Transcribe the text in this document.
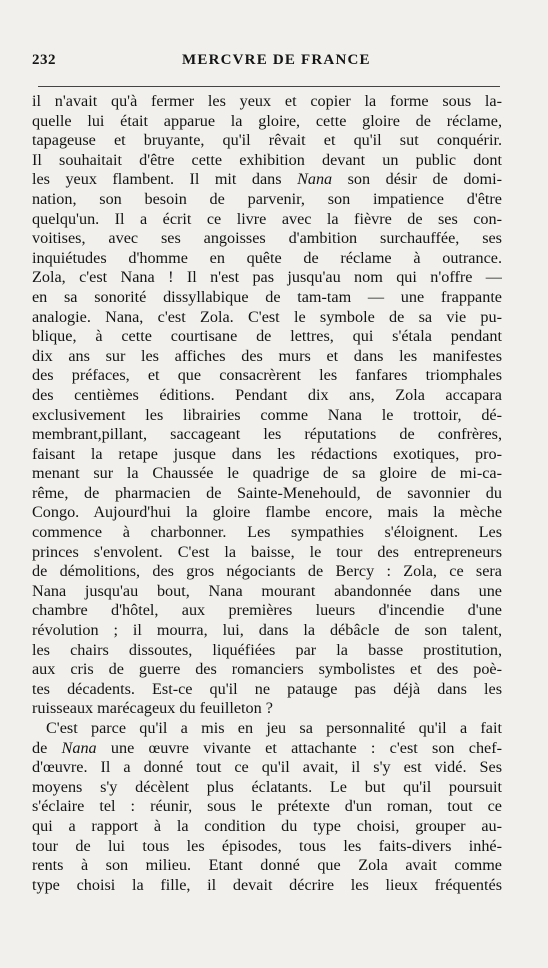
232	MERCVRE DE FRANCE
il n'avait qu'à fermer les yeux et copier la forme sous la-
quelle lui était apparue la gloire, cette gloire de réclame,
tapageuse et bruyante, qu'il rêvait et qu'il sut conquérir.
Il souhaitait d'être cette exhibition devant un public dont
les yeux flambent. Il mit dans Nana son désir de domi-
nation, son besoin de parvenir, son impatience d'être
quelqu'un. Il a écrit ce livre avec la fièvre de ses con-
voitises, avec ses angoisses d'ambition surchauffée, ses
inquiétudes d'homme en quête de réclame à outrance.
Zola, c'est Nana ! Il n'est pas jusqu'au nom qui n'offre —
en sa sonorité dissyllabique de tam-tam — une frappante
analogie. Nana, c'est Zola. C'est le symbole de sa vie pu-
blique, à cette courtisane de lettres, qui s'étala pendant
dix ans sur les affiches des murs et dans les manifestes
des préfaces, et que consacrèrent les fanfares triomphales
des centièmes éditions. Pendant dix ans, Zola accapara
exclusivement les librairies comme Nana le trottoir, dé-
membrant,pillant, saccageant les réputations de confrères,
faisant la retape jusque dans les rédactions exotiques, pro-
menant sur la Chaussée le quadrige de sa gloire de mi-ca-
rême, de pharmacien de Sainte-Menehould, de savonnier du
Congo. Aujourd'hui la gloire flambe encore, mais la mèche
commence à charbonner. Les sympathies s'éloignent. Les
princes s'envolent. C'est la baisse, le tour des entrepreneurs
de démolitions, des gros négociants de Bercy : Zola, ce sera
Nana jusqu'au bout, Nana mourant abandonnée dans une
chambre d'hôtel, aux premières lueurs d'incendie d'une
révolution ; il mourra, lui, dans la débâcle de son talent,
les chairs dissoutes, liquéfiées par la basse prostitution,
aux cris de guerre des romanciers symbolistes et des poè-
tes décadents. Est-ce qu'il ne patauge pas déjà dans les
ruisseaux marécageux du feuilleton ?
C'est parce qu'il a mis en jeu sa personnalité qu'il a fait
de Nana une œuvre vivante et attachante : c'est son chef-
d'œuvre. Il a donné tout ce qu'il avait, il s'y est vidé. Ses
moyens s'y décèlent plus éclatants. Le but qu'il poursuit
s'éclaire tel : réunir, sous le prétexte d'un roman, tout ce
qui a rapport à la condition du type choisi, grouper au-
tour de lui tous les épisodes, tous les faits-divers inhé-
rents à son milieu. Etant donné que Zola avait comme
type choisi la fille, il devait décrire les lieux fréquentés
